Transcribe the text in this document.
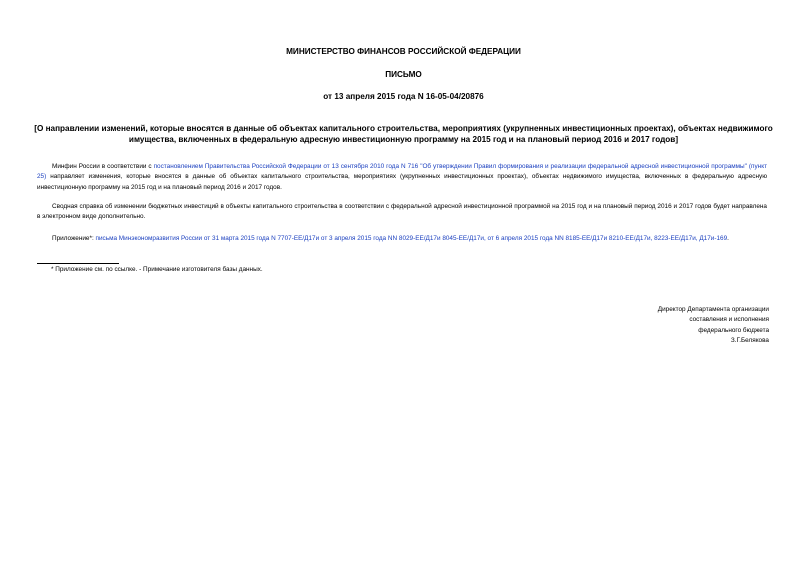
МИНИСТЕРСТВО ФИНАНСОВ РОССИЙСКОЙ ФЕДЕРАЦИИ
ПИСЬМО
от 13 апреля 2015 года N 16-05-04/20876
[О направлении изменений, которые вносятся в данные об объектах капитального строительства, мероприятиях (укрупненных инвестиционных проектах), объектах недвижимого имущества, включенных в федеральную адресную инвестиционную программу на 2015 год и на плановый период 2016 и 2017 годов]
Минфин России в соответствии с постановлением Правительства Российской Федерации от 13 сентября 2010 года N 716 "Об утверждении Правил формирования и реализации федеральной адресной инвестиционной программы" (пункт 25) направляет изменения, которые вносятся в данные об объектах капитального строительства, мероприятиях (укрупненных инвестиционных проектах), объектах недвижимого имущества, включенных в федеральную адресную инвестиционную программу на 2015 год и на плановый период 2016 и 2017 годов.
Сводная справка об изменении бюджетных инвестиций в объекты капитального строительства в соответствии с федеральной адресной инвестиционной программой на 2015 год и на плановый период 2016 и 2017 годов будет направлена в электронном виде дополнительно.
Приложение*: письма Минэкономразвития России от 31 марта 2015 года N 7707-ЕЕ/Д17и от 3 апреля 2015 года NN 8029-ЕЕ/Д17и 8045-ЕЕ/Д17и, от 6 апреля 2015 года NN 8185-ЕЕ/Д17и 8210-ЕЕ/Д17и, 8223-ЕЕ/Д17и, Д17и-169.
* Приложение см. по ссылке. - Примечание изготовителя базы данных.
Директор Департамента организации
составления и исполнения
федерального бюджета
З.Г.Белякова
